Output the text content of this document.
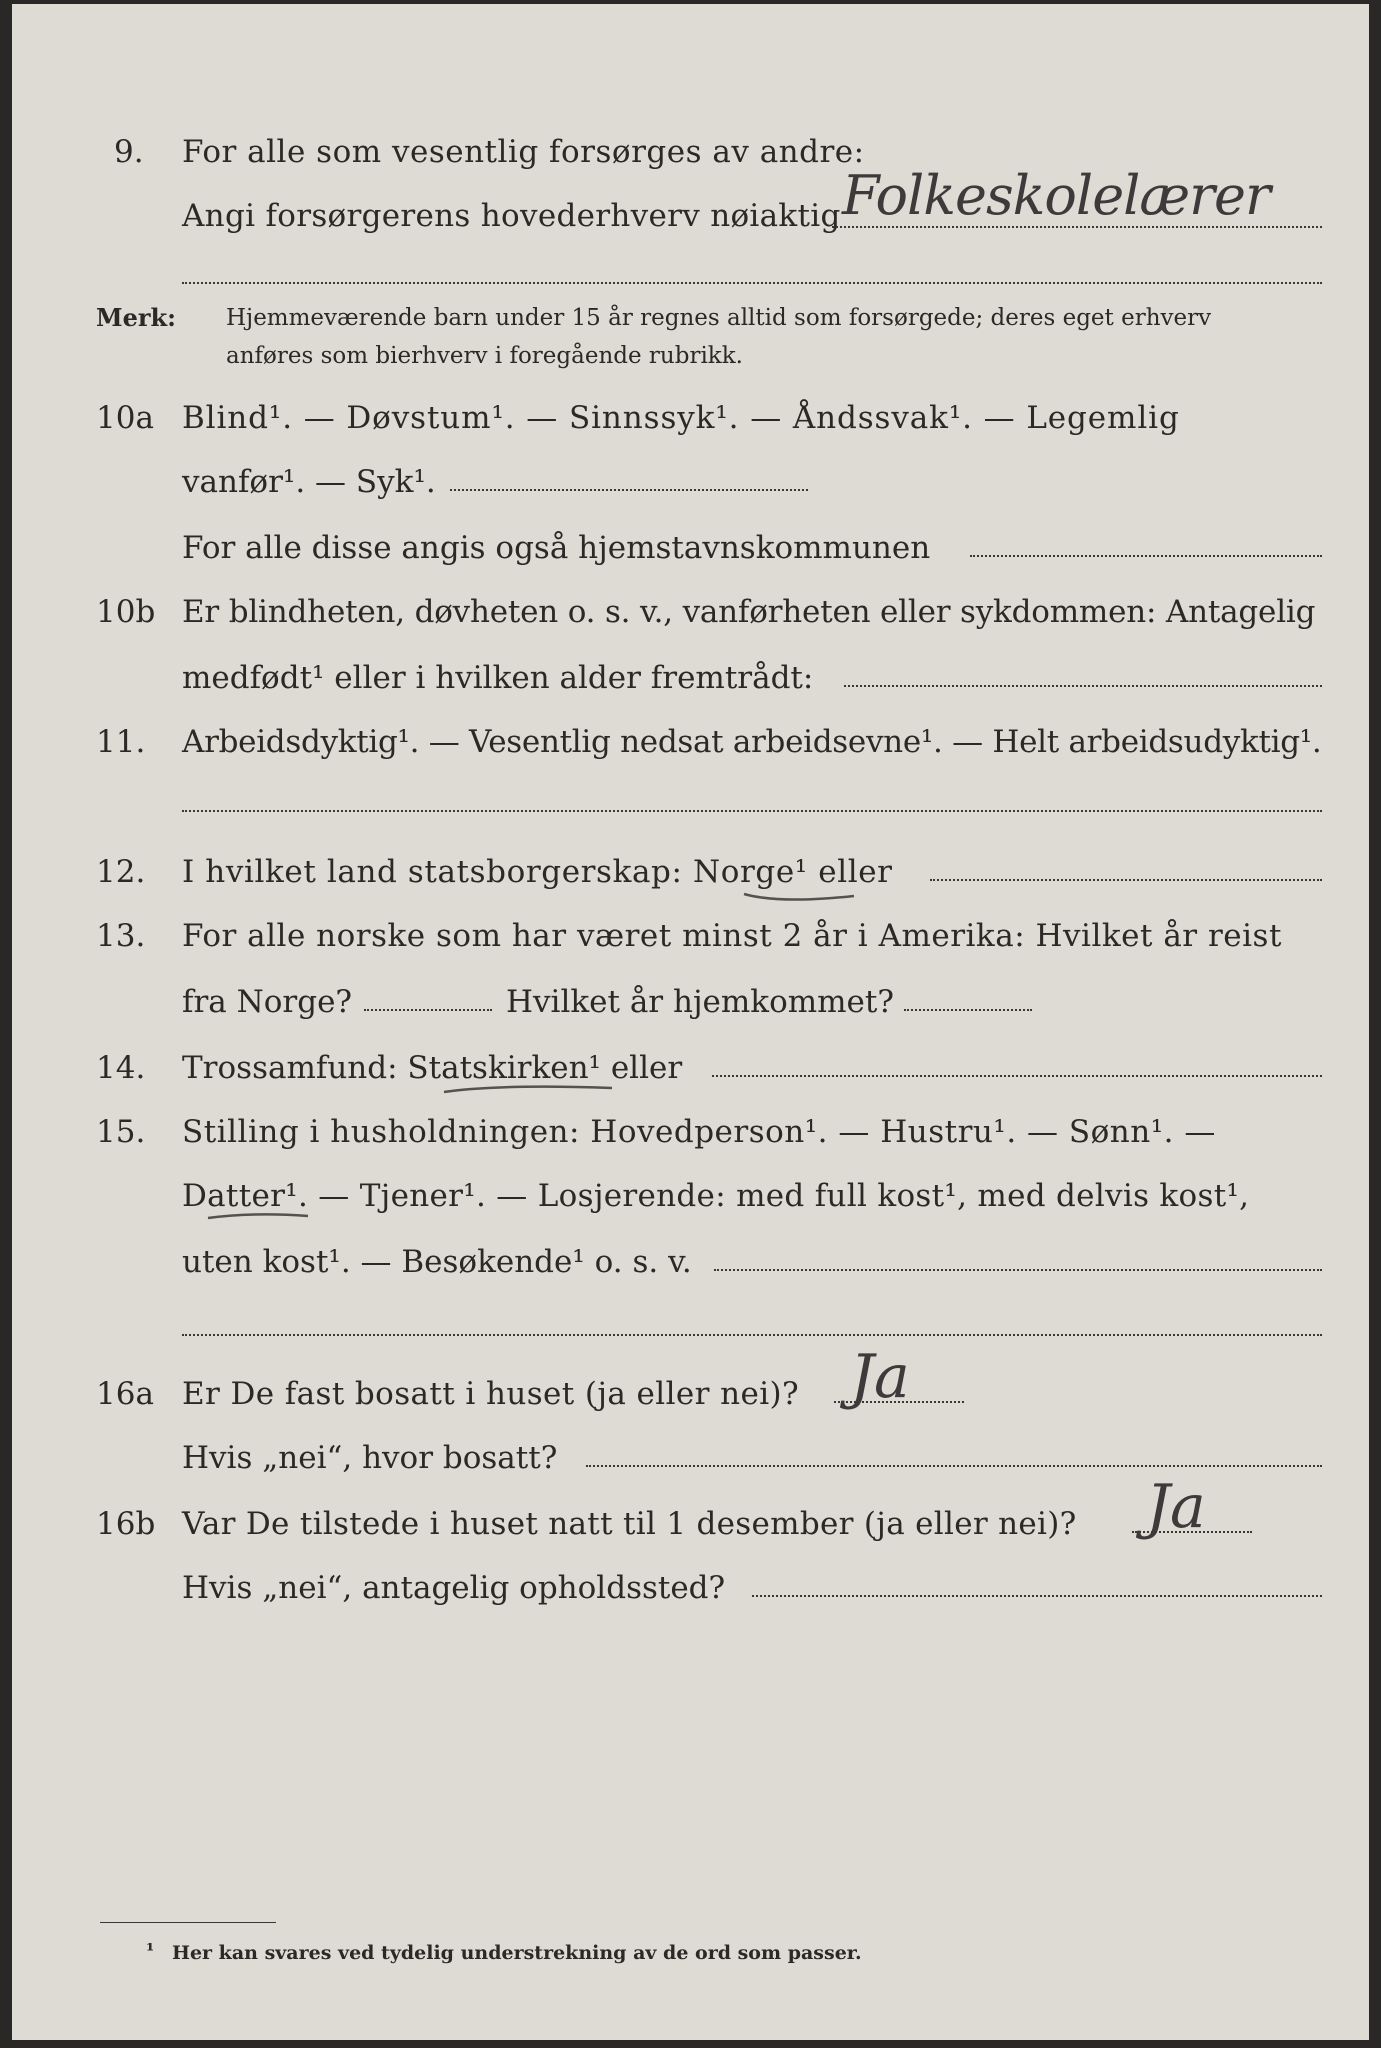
9. For alle som vesentlig forsørges av andre:
Angi forsørgerens hovederhverv nøiaktig Folkeskolelærer
Merk: Hjemmeværende barn under 15 år regnes alltid som forsørgede; deres eget erhverv
anføres som bierhverv i foregående rubrikk.
10a Blind¹. — Døvstum¹. — Sinnssyk¹. — Åndssvak¹. — Legemlig
vanfør¹. — Syk¹.
For alle disse angis også hjemstavnskommunen
10b Er blindheten, døvheten o. s. v., vanførheten eller sykdommen: Antagelig
medfødt¹ eller i hvilken alder fremtrådt:
11. Arbeidsdyktig¹. — Vesentlig nedsat arbeidsevne¹. — Helt arbeidsudyktig¹.
12. I hvilket land statsborgerskap: Norge¹ eller
13. For alle norske som har været minst 2 år i Amerika: Hvilket år reist
fra Norge?	Hvilket år hjemkommet?
14. Trossamfund: Statskirken¹ eller
15. Stilling i husholdningen: Hovedperson¹. — Hustru¹. — Sønn¹. —
Datter¹. — Tjener¹. — Losjerende: med full kost¹, med delvis kost¹,
uten kost¹. — Besøkende¹ o. s. v.
16a Er De fast bosatt i huset (ja eller nei)? Ja
Hvis „nei“, hvor bosatt?
16b Var De tilstede i huset natt til 1 desember (ja eller nei)? Ja
Hvis „nei“, antagelig opholdssted?
¹ Her kan svares ved tydelig understrekning av de ord som passer.
